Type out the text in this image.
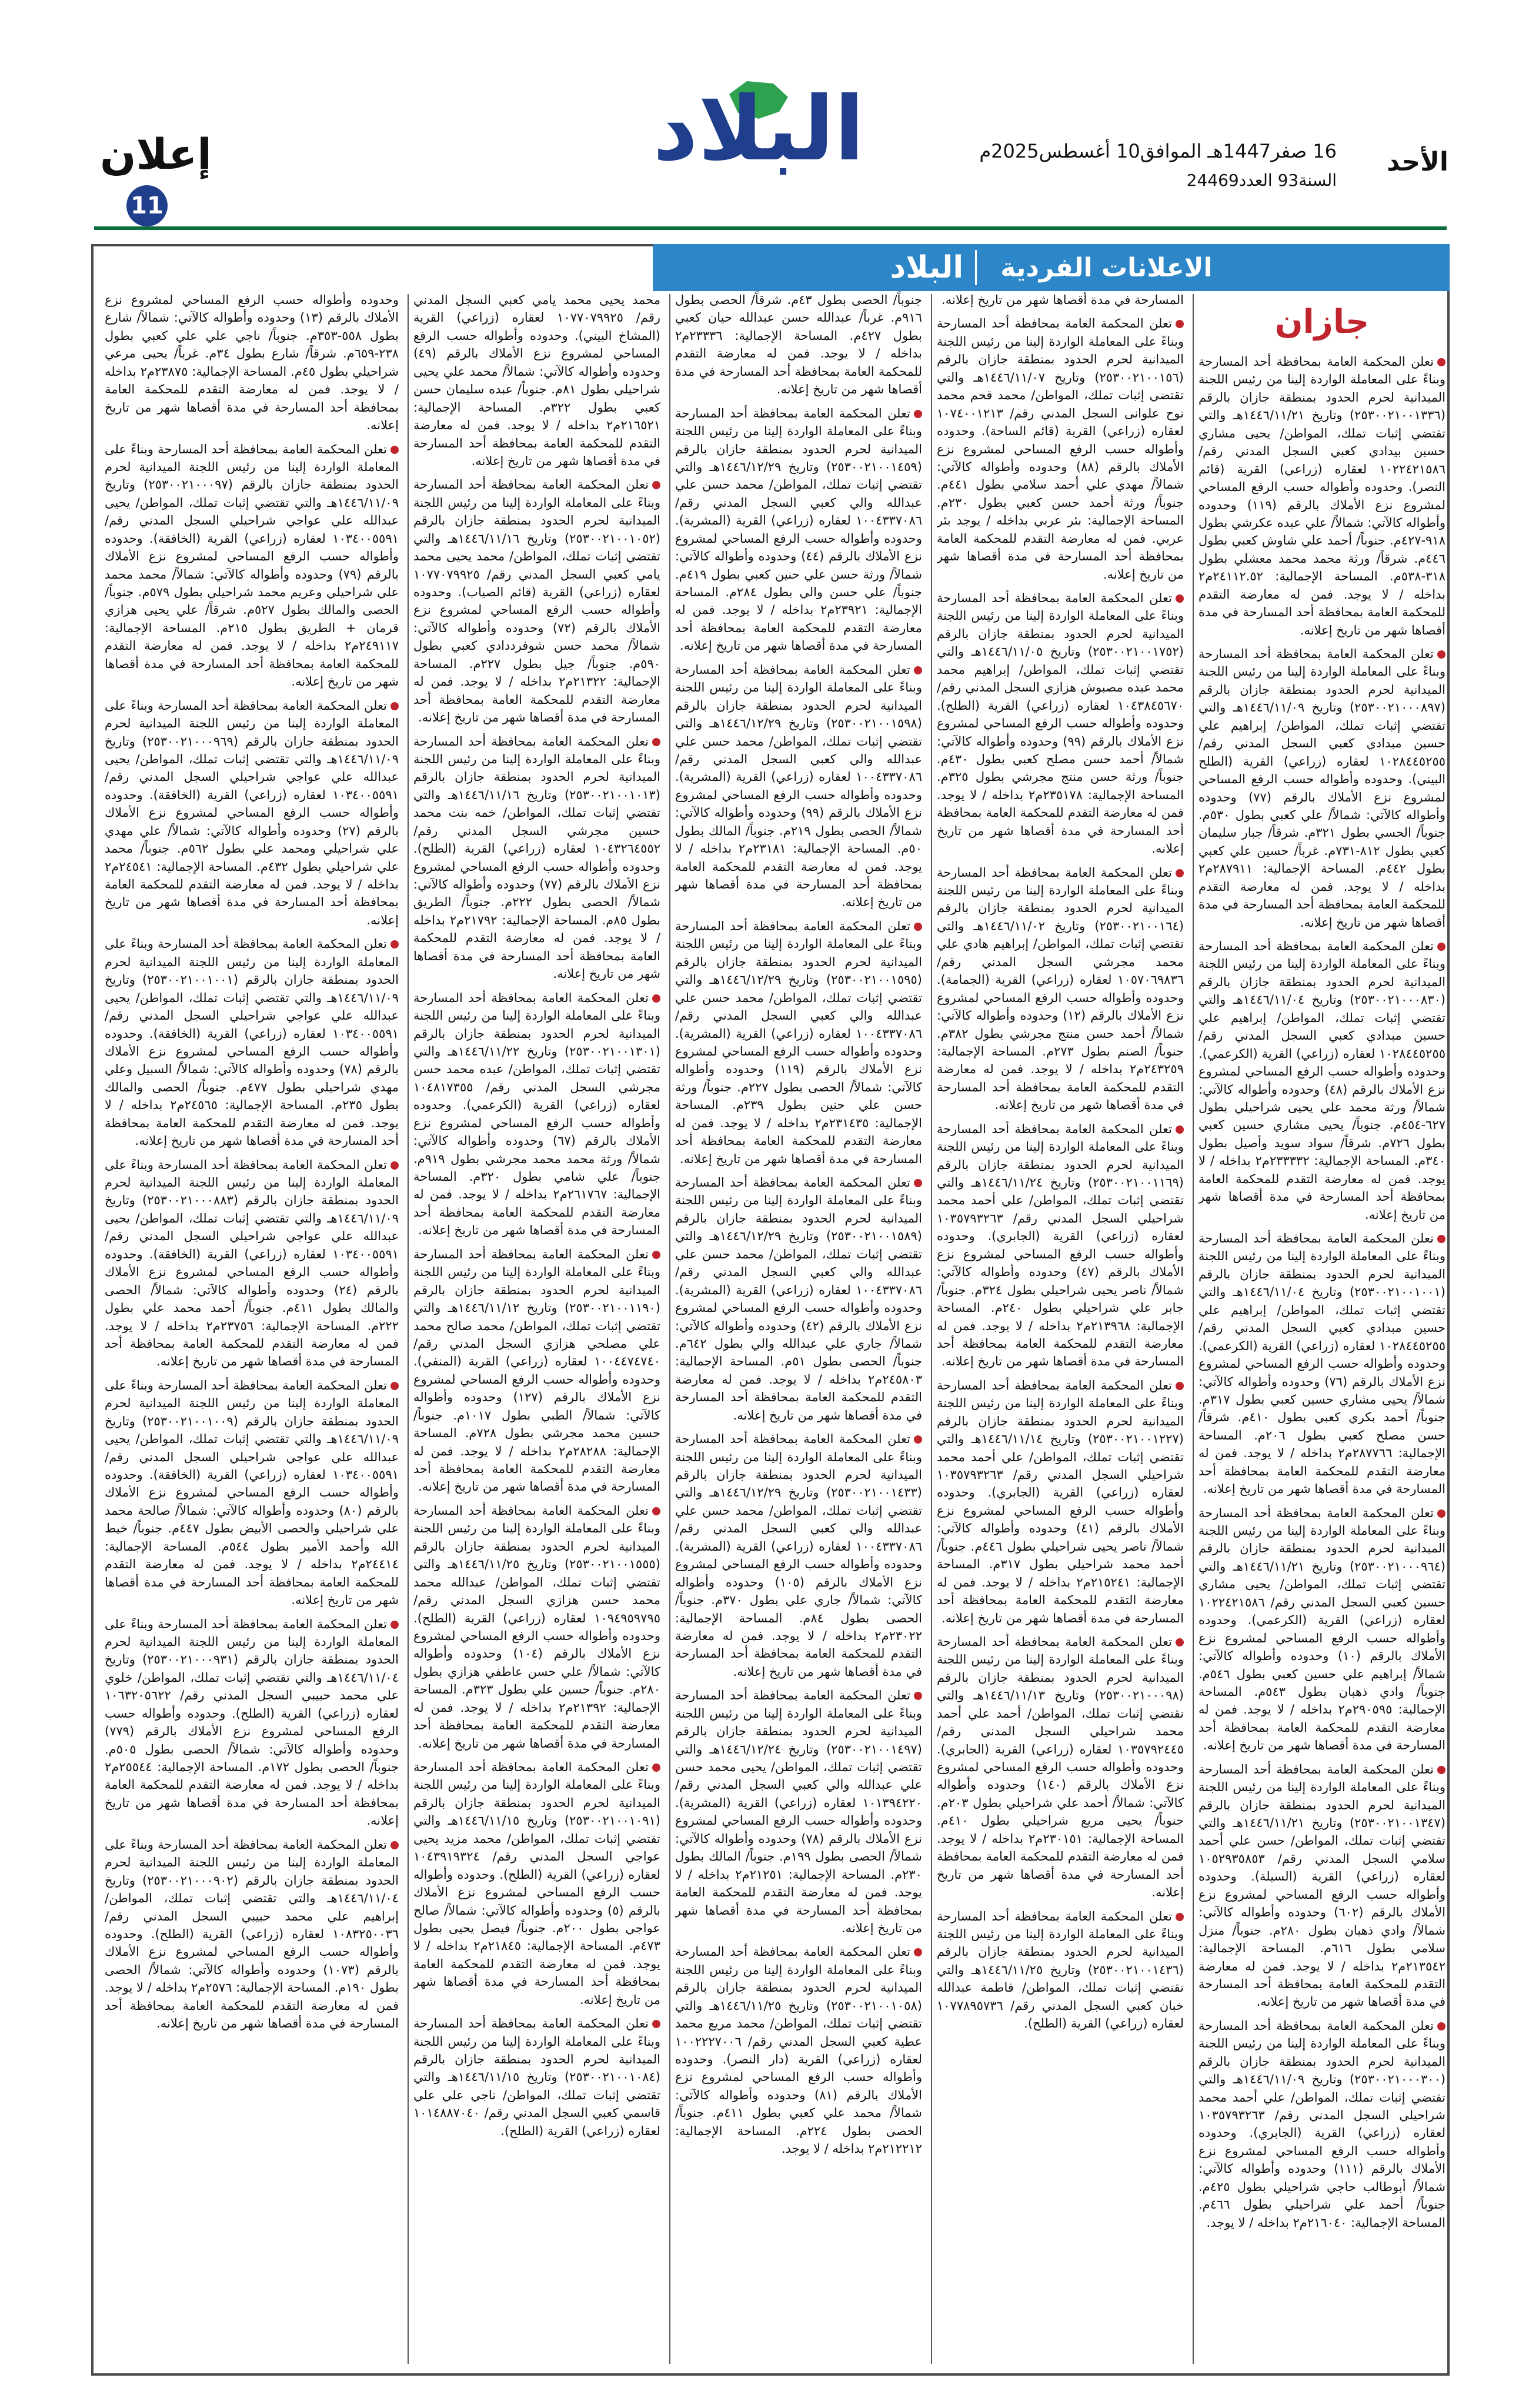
الأحد
16 صفر1447هـ الموافق10 أغسطس2025م
السنة93 العدد24469
البلاد
إعلان
11
الاعلانات الفردية
البلاد
جازان

تعلن المحكمة العامة بمحافظة أحد المسارحة وبناءً على المعاملة الواردة إلينا من رئيس اللجنة الميدانية لحرم الحدود بمنطقة جازان بالرقم (٢٥٣٠٠٢١٠٠١٣٣٦) وتاريخ ١٤٤٦/١١/٢١هـ والتي تقتضي إثبات تملك، المواطن/ يحيى مشاري حسين بيدادي كعبي السجل المدني رقم/ ١٠٢٢٤٢١٥٨٦ لعقاره (زراعي) القرية (قائم النصر). وحدوده وأطواله حسب الرفع المساحي لمشروع نزع الأملاك بالرقم (١١٩) وحدوده وأطواله كالآتي: شمالاً/ علي عبده عكرشي بطول ٩١٨-٤٢٧م. جنوباً/ أحمد علي شاوش كعبي بطول ٤٤٦م. شرقاً/ ورثة محمد محمد معشلي بطول ٣١٨-٥٣٨م. المساحة الإجمالية: ٢٤١١٢.٥٢م٢ بداخله / لا يوجد. فمن له معارضة التقدم للمحكمة العامة بمحافظة أحد المسارحة في مدة أقصاها شهر من تاريخ إعلانه.

تعلن المحكمة العامة بمحافظة أحد المسارحة وبناءً على المعاملة الواردة إلينا من رئيس اللجنة الميدانية لحرم الحدود بمنطقة جازان بالرقم (٢٥٣٠٠٢١٠٠٠٨٩٧) وتاريخ ١٤٤٦/١١/٠٩هـ والتي تقتضي إثبات تملك، المواطن/ إبراهيم علي حسين مبدادي كعبي السجل المدني رقم/ ١٠٢٨٤٤٥٢٥٥ لعقاره (زراعي) القرية (الطلح البيني). وحدوده وأطواله حسب الرفع المساحي لمشروع نزع الأملاك بالرقم (٧٧) وحدوده وأطواله كالآتي: شمالاً/ علي كعبي بطول ٥٣٠م. جنوباً/ الحسي بطول ٣٢١م. شرقاً/ جبار سليمان كعبي بطول ٨١٢-٧٣١م. غرباً/ حسين علي كعبي بطول ٤٤٢م. المساحة الإجمالية: ٢٨٧٩١١م٢ بداخله / لا يوجد. فمن له معارضة التقدم للمحكمة العامة بمحافظة أحد المسارحة في مدة أقصاها شهر من تاريخ إعلانه.

تعلن المحكمة العامة بمحافظة أحد المسارحة وبناءً على المعاملة الواردة إلينا من رئيس اللجنة الميدانية لحرم الحدود بمنطقة جازان بالرقم (٢٥٣٠٠٢١٠٠٠٨٣٠) وتاريخ ١٤٤٦/١١/٠٤هـ والتي تقتضي إثبات تملك، المواطن/ إبراهيم علي حسين مبدادي كعبي السجل المدني رقم/ ١٠٢٨٤٤٥٢٥٥ لعقاره (زراعي) القرية (الكرعمي). وحدوده وأطواله حسب الرفع المساحي لمشروع نزع الأملاك بالرقم (٤٨) وحدوده وأطواله كالآتي: شمالاً/ ورثة محمد علي يحيى شراحيلي بطول ٦٢٧-٤٥٤م. جنوباً/ يحيى مشاري حسين كعبي بطول ٧٢٦م. شرقاً/ سواد سويد وأصيل بطول ٣٤٠م. المساحة الإجمالية: ٢٣٣٣٣٢م٢ بداخله / لا يوجد. فمن له معارضة التقدم للمحكمة العامة بمحافظة أحد المسارحة في مدة أقصاها شهر من تاريخ إعلانه.

تعلن المحكمة العامة بمحافظة أحد المسارحة وبناءً على المعاملة الواردة إلينا من رئيس اللجنة الميدانية لحرم الحدود بمنطقة جازان بالرقم (٢٥٣٠٠٢١٠٠١٠٠١) وتاريخ ١٤٤٦/١١/٠٤هـ والتي تقتضي إثبات تملك، المواطن/ إبراهيم علي حسين مبدادي كعبي السجل المدني رقم/ ١٠٢٨٤٤٥٢٥٥ لعقاره (زراعي) القرية (الكرعمي). وحدوده وأطواله حسب الرفع المساحي لمشروع نزع الأملاك بالرقم (٧٦) وحدوده وأطواله كالآتي: شمالاً/ يحيى مشاري حسين كعبي بطول ٣١٧م. جنوباً/ أحمد بكري كعبي بطول ٤١٠م. شرقاً/ حسن مصلح كعبي بطول ٢٠٦م. المساحة الإجمالية: ٢٨٧٧٦٦م٢ بداخله / لا يوجد. فمن له معارضة التقدم للمحكمة العامة بمحافظة أحد المسارحة في مدة أقصاها شهر من تاريخ إعلانه.

تعلن المحكمة العامة بمحافظة أحد المسارحة وبناءً على المعاملة الواردة إلينا من رئيس اللجنة الميدانية لحرم الحدود بمنطقة جازان بالرقم (٢٥٣٠٠٢١٠٠٠٩٦٤) وتاريخ ١٤٤٦/١١/٢١هـ والتي تقتضي إثبات تملك، المواطن/ يحيى مشاري حسين كعبي السجل المدني رقم/ ١٠٢٢٤٢١٥٨٦ لعقاره (زراعي) القرية (الكرعمي). وحدوده وأطواله حسب الرفع المساحي لمشروع نزع الأملاك بالرقم (١٠) وحدوده وأطواله كالآتي: شمالاً/ إبراهيم علي حسين كعبي بطول ٥٤٦م. جنوباً/ وادي ذهبان بطول ٥٤٣م. المساحة الإجمالية: ٢٩٠٥٩٥م٢ بداخله / لا يوجد. فمن له معارضة التقدم للمحكمة العامة بمحافظة أحد المسارحة في مدة أقصاها شهر من تاريخ إعلانه.

تعلن المحكمة العامة بمحافظة أحد المسارحة وبناءً على المعاملة الواردة إلينا من رئيس اللجنة الميدانية لحرم الحدود بمنطقة جازان بالرقم (٢٥٣٠٠٢١٠٠١٣٤٧) وتاريخ ١٤٤٦/١١/٢١هـ والتي تقتضي إثبات تملك، المواطن/ حسن علي أحمد سلامي السجل المدني رقم/ ١٠٥٢٩٣٥٨٥٣ لعقاره (زراعي) القرية (السيلة). وحدوده وأطواله حسب الرفع المساحي لمشروع نزع الأملاك بالرقم (٦٠٢) وحدوده وأطواله كالآتي: شمالاً/ وادي ذهبان بطول ٢٨٠م. جنوباً/ منزل سلامي بطول ٦١٦م. المساحة الإجمالية: ٢١٣٥٤٢م٢ بداخله / لا يوجد. فمن له معارضة التقدم للمحكمة العامة بمحافظة أحد المسارحة في مدة أقصاها شهر من تاريخ إعلانه.

تعلن المحكمة العامة بمحافظة أحد المسارحة وبناءً على المعاملة الواردة إلينا من رئيس اللجنة الميدانية لحرم الحدود بمنطقة جازان بالرقم (٢٥٣٠٠٢١٠٠٠٣٠٠) وتاريخ ١٤٤٦/١١/٠٩هـ والتي تقتضي إثبات تملك، المواطن/ علي أحمد محمد شراحيلي السجل المدني رقم/ ١٠٣٥٧٩٣٢٦٣ لعقاره (زراعي) القرية (الجابري). وحدوده وأطواله حسب الرفع المساحي لمشروع نزع الأملاك بالرقم (١١١) وحدوده وأطواله كالآتي: شمالاً/ أبوطالب حاجي شراحيلي بطول ٤٢٥م. جنوباً/ أحمد علي شراحيلي بطول ٤٦٦م. المساحة الإجمالية: ٢١٦٠٤٠م٢ بداخله / لا يوجد.

المسارحة في مدة أقصاها شهر من تاريخ إعلانه.

تعلن المحكمة العامة بمحافظة أحد المسارحة وبناءً على المعاملة الواردة إلينا من رئيس اللجنة الميدانية لحرم الحدود بمنطقة جازان بالرقم (٢٥٣٠٠٢١٠٠١٥٦) وتاريخ ١٤٤٦/١١/٠٧هـ والتي تقتضي إثبات تملك، المواطن/ محمد قحم محمد نوح علوانى السجل المدني رقم/ ١٠٧٤٠٠١٢١٣ لعقاره (زراعي) القرية (قائم الساحة). وحدوده وأطواله حسب الرفع المساحي لمشروع نزع الأملاك بالرقم (٨٨) وحدوده وأطواله كالآتي: شمالاً/ مهدي علي أحمد سلامي بطول ٤٤١م. جنوباً/ ورثة أحمد حسن كعبي بطول ٢٣٠م. المساحة الإجمالية: بئر عربي بداخله / يوجد بئر عربي. فمن له معارضة التقدم للمحكمة العامة بمحافظة أحد المسارحة في مدة أقصاها شهر من تاريخ إعلانه.

تعلن المحكمة العامة بمحافظة أحد المسارحة وبناءً على المعاملة الواردة إلينا من رئيس اللجنة الميدانية لحرم الحدود بمنطقة جازان بالرقم (٢٥٣٠٠٢١٠٠١٧٥٢) وتاريخ ١٤٤٦/١١/٠٥هـ والتي تقتضي إثبات تملك، المواطن/ إبراهيم محمد محمد عبده مصبوش هزازي السجل المدني رقم/ ١٠٤٣٨٤٥٦٧٠ لعقاره (زراعي) القرية (الطلح). وحدوده وأطواله حسب الرفع المساحي لمشروع نزع الأملاك بالرقم (٩٩) وحدوده وأطواله كالآتي: شمالاً/ أحمد حسن مصلح كعبي بطول ٤٣٠م. جنوباً/ ورثة حسن منتج مجرشي بطول ٣٢٥م. المساحة الإجمالية: ٢٣٥١٧٨م٢ بداخله / لا يوجد. فمن له معارضة التقدم للمحكمة العامة بمحافظة أحد المسارحة في مدة أقصاها شهر من تاريخ إعلانه.

تعلن المحكمة العامة بمحافظة أحد المسارحة وبناءً على المعاملة الواردة إلينا من رئيس اللجنة الميدانية لحرم الحدود بمنطقة جازان بالرقم (٢٥٣٠٠٢١٠٠١٦٤) وتاريخ ١٤٤٦/١١/٠٢هـ والتي تقتضي إثبات تملك، المواطن/ إبراهيم هادي علي محمد مجرشي السجل المدني رقم/ ١٠٥٧٠٦٩٨٣٦ لعقاره (زراعي) القرية (الجمامة). وحدوده وأطواله حسب الرفع المساحي لمشروع نزع الأملاك بالرقم (١٢) وحدوده وأطواله كالآتي: شمالاً/ أحمد حسن منتج مجرشي بطول ٣٨٢م. جنوباً/ الصنم بطول ٢٧٣م. المساحة الإجمالية: ٢٤٣٢٥٩م٢ بداخله / لا يوجد. فمن له معارضة التقدم للمحكمة العامة بمحافظة أحد المسارحة في مدة أقصاها شهر من تاريخ إعلانه.

تعلن المحكمة العامة بمحافظة أحد المسارحة وبناءً على المعاملة الواردة إلينا من رئيس اللجنة الميدانية لحرم الحدود بمنطقة جازان بالرقم (٢٥٣٠٠٢١٠٠١١٦٩) وتاريخ ١٤٤٦/١١/٢٤هـ والتي تقتضي إثبات تملك، المواطن/ علي أحمد محمد شراحيلي السجل المدني رقم/ ١٠٣٥٧٩٣٢٦٣ لعقاره (زراعي) القرية (الجابري). وحدوده وأطواله حسب الرفع المساحي لمشروع نزع الأملاك بالرقم (٤٧) وحدوده وأطواله كالآتي: شمالاً/ ناصر يحيى شراحيلي بطول ٣٢٤م. جنوباً/ جابر علي شراحيلي بطول ٢٤٠م. المساحة الإجمالية: ٢١٣٩٦٨م٢ بداخله / لا يوجد. فمن له معارضة التقدم للمحكمة العامة بمحافظة أحد المسارحة في مدة أقصاها شهر من تاريخ إعلانه.

تعلن المحكمة العامة بمحافظة أحد المسارحة وبناءً على المعاملة الواردة إلينا من رئيس اللجنة الميدانية لحرم الحدود بمنطقة جازان بالرقم (٢٥٣٠٠٢١٠٠١٢٢٧) وتاريخ ١٤٤٦/١١/١٤هـ والتي تقتضي إثبات تملك، المواطن/ علي أحمد محمد شراحيلي السجل المدني رقم/ ١٠٣٥٧٩٣٢٦٣ لعقاره (زراعي) القرية (الجابري). وحدوده وأطواله حسب الرفع المساحي لمشروع نزع الأملاك بالرقم (٤١) وحدوده وأطواله كالآتي: شمالاً/ ناصر يحيى شراحيلي بطول ٤٤٦م. جنوباً/ أحمد محمد شراحيلي بطول ٣١٧م. المساحة الإجمالية: ٢١٥٢٤١م٢ بداخله / لا يوجد. فمن له معارضة التقدم للمحكمة العامة بمحافظة أحد المسارحة في مدة أقصاها شهر من تاريخ إعلانه.

تعلن المحكمة العامة بمحافظة أحد المسارحة وبناءً على المعاملة الواردة إلينا من رئيس اللجنة الميدانية لحرم الحدود بمنطقة جازان بالرقم (٢٥٣٠٠٢١٠٠٠٩٨) وتاريخ ١٤٤٦/١١/١٣هـ والتي تقتضي إثبات تملك، المواطن/ أحمد علي أحمد محمد شراحيلي السجل المدني رقم/ ١٠٣٥٧٩٢٤٤٥ لعقاره (زراعي) القرية (الجابري). وحدوده وأطواله حسب الرفع المساحي لمشروع نزع الأملاك بالرقم (١٤٠) وحدوده وأطواله كالآتي: شمالاً/ أحمد علي شراحيلي بطول ٢٠٣م. جنوباً/ يحيى مريع شراحيلي بطول ٤١٠م. المساحة الإجمالية: ٢٣٠١٥١م٢ بداخله / لا يوجد. فمن له معارضة التقدم للمحكمة العامة بمحافظة أحد المسارحة في مدة أقصاها شهر من تاريخ إعلانه.

تعلن المحكمة العامة بمحافظة أحد المسارحة وبناءً على المعاملة الواردة إلينا من رئيس اللجنة الميدانية لحرم الحدود بمنطقة جازان بالرقم (٢٥٣٠٠٢١٠٠١٤٣٦) وتاريخ ١٤٤٦/١١/٢٥هـ والتي تقتضي إثبات تملك، المواطن/ فاطمة عبدالله خبان كعبي السجل المدني رقم/ ١٠٧٧٨٩٥٧٣٦ لعقاره (زراعي) القرية (الطلح).

جنوباً/ الحصى بطول ٤٣م. شرقاً/ الحصى بطول ٩١٦م. غرباً/ عبدالله حسن عبدالله حيان كعبي بطول ٤٢٧م. المساحة الإجمالية: ٢٣٣٣٦م٢ بداخله / لا يوجد. فمن له معارضة التقدم للمحكمة العامة بمحافظة أحد المسارحة في مدة أقصاها شهر من تاريخ إعلانه.

تعلن المحكمة العامة بمحافظة أحد المسارحة وبناءً على المعاملة الواردة إلينا من رئيس اللجنة الميدانية لحرم الحدود بمنطقة جازان بالرقم (٢٥٣٠٠٢١٠٠١٤٥٩) وتاريخ ١٤٤٦/١٢/٢٩هـ والتي تقتضي إثبات تملك، المواطن/ محمد حسن علي عبدالله والي كعبي السجل المدني رقم/ ١٠٠٤٣٣٧٠٨٦ لعقاره (زراعي) القرية (المشرية). وحدوده وأطواله حسب الرفع المساحي لمشروع نزع الأملاك بالرقم (٤٤) وحدوده وأطواله كالآتي: شمالاً/ ورثة حسن علي حنين كعبي بطول ٤١٩م. جنوباً/ علي حسن والي بطول ٢٨٤م. المساحة الإجمالية: ٢٣٩٢١م٢ بداخله / لا يوجد. فمن له معارضة التقدم للمحكمة العامة بمحافظة أحد المسارحة في مدة أقصاها شهر من تاريخ إعلانه.

تعلن المحكمة العامة بمحافظة أحد المسارحة وبناءً على المعاملة الواردة إلينا من رئيس اللجنة الميدانية لحرم الحدود بمنطقة جازان بالرقم (٢٥٣٠٠٢١٠٠١٥٩٨) وتاريخ ١٤٤٦/١٢/٢٩هـ والتي تقتضي إثبات تملك، المواطن/ محمد حسن علي عبدالله والي كعبي السجل المدني رقم/ ١٠٠٤٣٣٧٠٨٦ لعقاره (زراعي) القرية (المشرية). وحدوده وأطواله حسب الرفع المساحي لمشروع نزع الأملاك بالرقم (٩٩) وحدوده وأطواله كالآتي: شمالاً/ الحصى بطول ٢١٩م. جنوباً/ المالك بطول ٥٠م. المساحة الإجمالية: ٢٣١٨١م٢ بداخله / لا يوجد. فمن له معارضة التقدم للمحكمة العامة بمحافظة أحد المسارحة في مدة أقصاها شهر من تاريخ إعلانه.

تعلن المحكمة العامة بمحافظة أحد المسارحة وبناءً على المعاملة الواردة إلينا من رئيس اللجنة الميدانية لحرم الحدود بمنطقة جازان بالرقم (٢٥٣٠٠٢١٠٠١٥٩٥) وتاريخ ١٤٤٦/١٢/٢٩هـ والتي تقتضي إثبات تملك، المواطن/ محمد حسن علي عبدالله والي كعبي السجل المدني رقم/ ١٠٠٤٣٣٧٠٨٦ لعقاره (زراعي) القرية (المشرية). وحدوده وأطواله حسب الرفع المساحي لمشروع نزع الأملاك بالرقم (١١٩) وحدوده وأطواله كالآتي: شمالاً/ الحصى بطول ٢٢٧م. جنوباً/ ورثة حسن علي حنين بطول ٢٣٩م. المساحة الإجمالية: ٢٣١٤٣٥م٢ بداخله / لا يوجد. فمن له معارضة التقدم للمحكمة العامة بمحافظة أحد المسارحة في مدة أقصاها شهر من تاريخ إعلانه.

تعلن المحكمة العامة بمحافظة أحد المسارحة وبناءً على المعاملة الواردة إلينا من رئيس اللجنة الميدانية لحرم الحدود بمنطقة جازان بالرقم (٢٥٣٠٠٢١٠٠١٥٨٩) وتاريخ ١٤٤٦/١٢/٢٩هـ والتي تقتضي إثبات تملك، المواطن/ محمد حسن علي عبدالله والي كعبي السجل المدني رقم/ ١٠٠٤٣٣٧٠٨٦ لعقاره (زراعي) القرية (المشرية). وحدوده وأطواله حسب الرفع المساحي لمشروع نزع الأملاك بالرقم (٤٢) وحدوده وأطواله كالآتي: شمالاً/ جاري علي عبدالله والي بطول ٦٤٢م. جنوباً/ الحصى بطول ٥١م. المساحة الإجمالية: ٢٤٥٨٠٣م٢ بداخله / لا يوجد. فمن له معارضة التقدم للمحكمة العامة بمحافظة أحد المسارحة في مدة أقصاها شهر من تاريخ إعلانه.

تعلن المحكمة العامة بمحافظة أحد المسارحة وبناءً على المعاملة الواردة إلينا من رئيس اللجنة الميدانية لحرم الحدود بمنطقة جازان بالرقم (٢٥٣٠٠٢١٠٠١٤٣٣) وتاريخ ١٤٤٦/١٢/٢٩هـ والتي تقتضي إثبات تملك، المواطن/ محمد حسن علي عبدالله والي كعبي السجل المدني رقم/ ١٠٠٤٣٣٧٠٨٦ لعقاره (زراعي) القرية (المشرية). وحدوده وأطواله حسب الرفع المساحي لمشروع نزع الأملاك بالرقم (١٠٥) وحدوده وأطواله كالآتي: شمالاً/ جاري علي بطول ٣٧٠م. جنوباً/ الحصى بطول ٨٤م. المساحة الإجمالية: ٢٣٠٢٢م٢ بداخله / لا يوجد. فمن له معارضة التقدم للمحكمة العامة بمحافظة أحد المسارحة في مدة أقصاها شهر من تاريخ إعلانه.

تعلن المحكمة العامة بمحافظة أحد المسارحة وبناءً على المعاملة الواردة إلينا من رئيس اللجنة الميدانية لحرم الحدود بمنطقة جازان بالرقم (٢٥٣٠٠٢١٠٠١٤٩٧) وتاريخ ١٤٤٦/١٢/٢٤هـ والتي تقتضي إثبات تملك، المواطن/ يحيى محمد حسن علي عبدالله والي كعبي السجل المدني رقم/ ١٠١٣٩٤٢٢٠ لعقاره (زراعي) القرية (المشرية). وحدوده وأطواله حسب الرفع المساحي لمشروع نزع الأملاك بالرقم (٧٨) وحدوده وأطواله كالآتي: شمالاً/ الحصى بطول ١٩٩م. جنوباً/ المالك بطول ٢٣٠م. المساحة الإجمالية: ٢١٢٥١م٢ بداخله / لا يوجد. فمن له معارضة التقدم للمحكمة العامة بمحافظة أحد المسارحة في مدة أقصاها شهر من تاريخ إعلانه.

تعلن المحكمة العامة بمحافظة أحد المسارحة وبناءً على المعاملة الواردة إلينا من رئيس اللجنة الميدانية لحرم الحدود بمنطقة جازان بالرقم (٢٥٣٠٠٢١٠٠١٠٥٨) وتاريخ ١٤٤٦/١١/٢٥هـ والتي تقتضي إثبات تملك، المواطن/ محمد مريع محمد عطية كعبي السجل المدني رقم/ ١٠٠٢٢٢٧٠٠٦ لعقاره (زراعي) القرية (دار النصر). وحدوده وأطواله حسب الرفع المساحي لمشروع نزع الأملاك بالرقم (٨١) وحدوده وأطواله كالآتي: شمالاً/ محمد علي كعبي بطول ٤١١م. جنوباً/ الحصى بطول ٢٢٤م. المساحة الإجمالية: ٢١٢٢١٢م٢ بداخله / لا يوجد.

محمد يحيى محمد يامي كعبي السجل المدني رقم/ ١٠٧٧٠٧٩٩٢٥ لعقاره (زراعي) القرية (المشاخ البيني). وحدوده وأطواله حسب الرفع المساحي لمشروع نزع الأملاك بالرقم (٤٩) وحدوده وأطواله كالآتي: شمالاً/ محمد علي يحيى شراحيلي بطول ٨١م. جنوباً/ عبده سليمان حسن كعبي بطول ٣٢٢م. المساحة الإجمالية: ٢١٦٥٢١م٢ بداخله / لا يوجد. فمن له معارضة التقدم للمحكمة العامة بمحافظة أحد المسارحة في مدة أقصاها شهر من تاريخ إعلانه.

تعلن المحكمة العامة بمحافظة أحد المسارحة وبناءً على المعاملة الواردة إلينا من رئيس اللجنة الميدانية لحرم الحدود بمنطقة جازان بالرقم (٢٥٣٠٠٢١٠٠١٠٥٢) وتاريخ ١٤٤٦/١١/١٦هـ والتي تقتضي إثبات تملك، المواطن/ محمد يحيى محمد يامي كعبي السجل المدني رقم/ ١٠٧٧٠٧٩٩٢٥ لعقاره (زراعي) القرية (قائم الصياب). وحدوده وأطواله حسب الرفع المساحي لمشروع نزع الأملاك بالرقم (٧٢) وحدوده وأطواله كالآتي: شمالاً/ محمد حسن شوفرددادي كعبي بطول ٥٩٠م. جنوباً/ جيل بطول ٢٢٧م. المساحة الإجمالية: ٢١٣٢٢م٢ بداخله / لا يوجد. فمن له معارضة التقدم للمحكمة العامة بمحافظة أحد المسارحة في مدة أقصاها شهر من تاريخ إعلانه.

تعلن المحكمة العامة بمحافظة أحد المسارحة وبناءً على المعاملة الواردة إلينا من رئيس اللجنة الميدانية لحرم الحدود بمنطقة جازان بالرقم (٢٥٣٠٠٢١٠٠١٠١٣) وتاريخ ١٤٤٦/١١/١٦هـ والتي تقتضي إثبات تملك، المواطن/ خمه بنت محمد حسين مجرشي السجل المدني رقم/ ١٠٤٣٢٦٤٥٥٢ لعقاره (زراعي) القرية (الطلح). وحدوده وأطواله حسب الرفع المساحي لمشروع نزع الأملاك بالرقم (٧٧) وحدوده وأطواله كالآتي: شمالاً/ الحصى بطول ٢٢٢م. جنوباً/ الطريق بطول ٨٥م. المساحة الإجمالية: ٢١٧٩٢م٢ بداخله / لا يوجد. فمن له معارضة التقدم للمحكمة العامة بمحافظة أحد المسارحة في مدة أقصاها شهر من تاريخ إعلانه.

تعلن المحكمة العامة بمحافظة أحد المسارحة وبناءً على المعاملة الواردة إلينا من رئيس اللجنة الميدانية لحرم الحدود بمنطقة جازان بالرقم (٢٥٣٠٠٢١٠٠١٣٠١) وتاريخ ١٤٤٦/١١/٢٢هـ والتي تقتضي إثبات تملك، المواطن/ عبده محمد حسن مجرشي السجل المدني رقم/ ١٠٤٨١٧٣٥٥ لعقاره (زراعي) القرية (الكرعمي). وحدوده وأطواله حسب الرفع المساحي لمشروع نزع الأملاك بالرقم (٦٧) وحدوده وأطواله كالآتي: شمالاً/ ورثة محمد محمد مجرشي بطول ٩١٩م. جنوباً/ علي شامي بطول ٣٢٠م. المساحة الإجمالية: ٢٦١٧٦٧م٢ بداخله / لا يوجد. فمن له معارضة التقدم للمحكمة العامة بمحافظة أحد المسارحة في مدة أقصاها شهر من تاريخ إعلانه.

تعلن المحكمة العامة بمحافظة أحد المسارحة وبناءً على المعاملة الواردة إلينا من رئيس اللجنة الميدانية لحرم الحدود بمنطقة جازان بالرقم (٢٥٣٠٠٢١٠٠١١٩٠) وتاريخ ١٤٤٦/١١/١٢هـ والتي تقتضي إثبات تملك، المواطن/ محمد صالح محمد علي مصلحي هزازي السجل المدني رقم/ ١٠٠٤٤٧٤٧٤٠ لعقاره (زراعي) القرية (المنفي). وحدوده وأطواله حسب الرفع المساحي لمشروع نزع الأملاك بالرقم (١٢٧) وحدوده وأطواله كالآتي: شمالاً/ الطبي بطول ١٠١٧م. جنوباً/ حسين محمد مجرشي بطول ٧٢٨م. المساحة الإجمالية: ٢٨٢٨٨م٢ بداخله / لا يوجد. فمن له معارضة التقدم للمحكمة العامة بمحافظة أحد المسارحة في مدة أقصاها شهر من تاريخ إعلانه.

تعلن المحكمة العامة بمحافظة أحد المسارحة وبناءً على المعاملة الواردة إلينا من رئيس اللجنة الميدانية لحرم الحدود بمنطقة جازان بالرقم (٢٥٣٠٠٢١٠٠١٥٥٥) وتاريخ ١٤٤٦/١١/٢٥هـ والتي تقتضي إثبات تملك، المواطن/ عبدالله محمد محمد حسن هزازي السجل المدني رقم/ ١٠٩٤٩٥٩٧٩٥ لعقاره (زراعي) القرية (الطلح). وحدوده وأطواله حسب الرفع المساحي لمشروع نزع الأملاك بالرقم (١٠٤) وحدوده وأطواله كالآتي: شمالاً/ علي حسن عاطفي هزازي بطول ٢٨٠م. جنوباً/ حسين علي بطول ٣٢٣م. المساحة الإجمالية: ٢١٣٩٢م٢ بداخله / لا يوجد. فمن له معارضة التقدم للمحكمة العامة بمحافظة أحد المسارحة في مدة أقصاها شهر من تاريخ إعلانه.

تعلن المحكمة العامة بمحافظة أحد المسارحة وبناءً على المعاملة الواردة إلينا من رئيس اللجنة الميدانية لحرم الحدود بمنطقة جازان بالرقم (٢٥٣٠٠٢١٠٠١٠٩١) وتاريخ ١٤٤٦/١١/١٥هـ والتي تقتضي إثبات تملك، المواطن/ محمد مزيد يحيى عواجي السجل المدني رقم/ ١٠٤٣٩١٩٣٢٤ لعقاره (زراعي) القرية (الطلح). وحدوده وأطواله حسب الرفع المساحي لمشروع نزع الأملاك بالرقم (٥) وحدوده وأطواله كالآتي: شمالاً/ صالح عواجي بطول ٢٠٠م. جنوباً/ فيصل يحيى بطول ٤٧٣م. المساحة الإجمالية: ٢١٨٤٥م٢ بداخله / لا يوجد. فمن له معارضة التقدم للمحكمة العامة بمحافظة أحد المسارحة في مدة أقصاها شهر من تاريخ إعلانه.

تعلن المحكمة العامة بمحافظة أحد المسارحة وبناءً على المعاملة الواردة إلينا من رئيس اللجنة الميدانية لحرم الحدود بمنطقة جازان بالرقم (٢٥٣٠٠٢١٠٠١٠٨٤) وتاريخ ١٤٤٦/١١/١٥هـ والتي تقتضي إثبات تملك، المواطن/ ناجي علي علي قاسمي كعبي السجل المدني رقم/ ١٠١٤٨٨٧٠٤٠ لعقاره (زراعي) القرية (الطلح).

وحدوده وأطواله حسب الرفع المساحي لمشروع نزع الأملاك بالرقم (١٣) وحدوده وأطواله كالآتي: شمالاً/ شارع بطول ٥٥٨-٣٥٣م. جنوباً/ ناجي علي علي كعبي بطول ٢٣٨-٦٥٩م. شرقاً/ شارع بطول ٣٤م. غرباً/ يحيى مرعي شراحيلي بطول ٤٥م. المساحة الإجمالية: ٢٣٨٧٥م٢ بداخله / لا يوجد. فمن له معارضة التقدم للمحكمة العامة بمحافظة أحد المسارحة في مدة أقصاها شهر من تاريخ إعلانه.

تعلن المحكمة العامة بمحافظة أحد المسارحة وبناءً على المعاملة الواردة إلينا من رئيس اللجنة الميدانية لحرم الحدود بمنطقة جازان بالرقم (٢٥٣٠٠٢١٠٠٠٩٧) وتاريخ ١٤٤٦/١١/٠٩هـ والتي تقتضي إثبات تملك، المواطن/ يحيى عبدالله علي عواجي شراحيلي السجل المدني رقم/ ١٠٣٤٠٠٥٥٩١ لعقاره (زراعي) القرية (الخافقة). وحدوده وأطواله حسب الرفع المساحي لمشروع نزع الأملاك بالرقم (٧٩) وحدوده وأطواله كالآتي: شمالاً/ محمد محمد علي شراحيلي وعريم محمد شراحيلي بطول ٥٧٩م. جنوباً/ الحصى والمالك بطول ٥٢٧م. شرقاً/ علي يحيى هزازي قرمان + الطريق بطول ٢١٥م. المساحة الإجمالية: ٢٤٩١١٧م٢ بداخله / لا يوجد. فمن له معارضة التقدم للمحكمة العامة بمحافظة أحد المسارحة في مدة أقصاها شهر من تاريخ إعلانه.

تعلن المحكمة العامة بمحافظة أحد المسارحة وبناءً على المعاملة الواردة إلينا من رئيس اللجنة الميدانية لحرم الحدود بمنطقة جازان بالرقم (٢٥٣٠٠٢١٠٠٠٩٦٩) وتاريخ ١٤٤٦/١١/٠٩هـ والتي تقتضي إثبات تملك، المواطن/ يحيى عبدالله علي عواجي شراحيلي السجل المدني رقم/ ١٠٣٤٠٠٥٥٩١ لعقاره (زراعي) القرية (الخافقة). وحدوده وأطواله حسب الرفع المساحي لمشروع نزع الأملاك بالرقم (٢٧) وحدوده وأطواله كالآتي: شمالاً/ علي مهدي علي شراحيلي ومحمد علي بطول ٥٦٢م. جنوباً/ محمد علي شراحيلي بطول ٤٣٢م. المساحة الإجمالية: ٢٤٥٤١م٢ بداخله / لا يوجد. فمن له معارضة التقدم للمحكمة العامة بمحافظة أحد المسارحة في مدة أقصاها شهر من تاريخ إعلانه.

تعلن المحكمة العامة بمحافظة أحد المسارحة وبناءً على المعاملة الواردة إلينا من رئيس اللجنة الميدانية لحرم الحدود بمنطقة جازان بالرقم (٢٥٣٠٠٢١٠٠١٠٠١) وتاريخ ١٤٤٦/١١/٠٩هـ والتي تقتضي إثبات تملك، المواطن/ يحيى عبدالله علي عواجي شراحيلي السجل المدني رقم/ ١٠٣٤٠٠٥٥٩١ لعقاره (زراعي) القرية (الخافقة). وحدوده وأطواله حسب الرفع المساحي لمشروع نزع الأملاك بالرقم (٧٨) وحدوده وأطواله كالآتي: شمالاً/ السبيل وعلي مهدي شراحيلي بطول ٤٧٧م. جنوباً/ الحصى والمالك بطول ٢٣٥م. المساحة الإجمالية: ٢٤٥٦٥م٢ بداخله / لا يوجد. فمن له معارضة التقدم للمحكمة العامة بمحافظة أحد المسارحة في مدة أقصاها شهر من تاريخ إعلانه.

تعلن المحكمة العامة بمحافظة أحد المسارحة وبناءً على المعاملة الواردة إلينا من رئيس اللجنة الميدانية لحرم الحدود بمنطقة جازان بالرقم (٢٥٣٠٠٢١٠٠٠٨٨٣) وتاريخ ١٤٤٦/١١/٠٩هـ والتي تقتضي إثبات تملك، المواطن/ يحيى عبدالله علي عواجي شراحيلي السجل المدني رقم/ ١٠٣٤٠٠٥٥٩١ لعقاره (زراعي) القرية (الخافقة). وحدوده وأطواله حسب الرفع المساحي لمشروع نزع الأملاك بالرقم (٢٤) وحدوده وأطواله كالآتي: شمالاً/ الحصى والمالك بطول ٤١١م. جنوباً/ أحمد محمد علي بطول ٢٢٢م. المساحة الإجمالية: ٢٣٧٥٦م٢ بداخله / لا يوجد. فمن له معارضة التقدم للمحكمة العامة بمحافظة أحد المسارحة في مدة أقصاها شهر من تاريخ إعلانه.

تعلن المحكمة العامة بمحافظة أحد المسارحة وبناءً على المعاملة الواردة إلينا من رئيس اللجنة الميدانية لحرم الحدود بمنطقة جازان بالرقم (٢٥٣٠٠٢١٠٠١٠٠٩) وتاريخ ١٤٤٦/١١/٠٩هـ والتي تقتضي إثبات تملك، المواطن/ يحيى عبدالله علي عواجي شراحيلي السجل المدني رقم/ ١٠٣٤٠٠٥٥٩١ لعقاره (زراعي) القرية (الخافقة). وحدوده وأطواله حسب الرفع المساحي لمشروع نزع الأملاك بالرقم (٨٠) وحدوده وأطواله كالآتي: شمالاً/ صالحة محمد علي شراحيلي والحصى الأبيض بطول ٤٤٧م. جنوباً/ خيط الله وأحمد الأمير بطول ٥٤٤م. المساحة الإجمالية: ٢٤٤١٤م٢ بداخله / لا يوجد. فمن له معارضة التقدم للمحكمة العامة بمحافظة أحد المسارحة في مدة أقصاها شهر من تاريخ إعلانه.

تعلن المحكمة العامة بمحافظة أحد المسارحة وبناءً على المعاملة الواردة إلينا من رئيس اللجنة الميدانية لحرم الحدود بمنطقة جازان بالرقم (٢٥٣٠٠٢١٠٠٠٩٣١) وتاريخ ١٤٤٦/١١/٠٤هـ والتي تقتضي إثبات تملك، المواطن/ خلوي علي محمد حبيبي السجل المدني رقم/ ١٠٦٣٢٠٥٦٢٢ لعقاره (زراعي) القرية (الطلح). وحدوده وأطواله حسب الرفع المساحي لمشروع نزع الأملاك بالرقم (٧٧٩) وحدوده وأطواله كالآتي: شمالاً/ الحصى بطول ٥٠٥م. جنوباً/ الحصى بطول ١٧٢م. المساحة الإجمالية: ٢٥٥٤٤م٢ بداخله / لا يوجد. فمن له معارضة التقدم للمحكمة العامة بمحافظة أحد المسارحة في مدة أقصاها شهر من تاريخ إعلانه.

تعلن المحكمة العامة بمحافظة أحد المسارحة وبناءً على المعاملة الواردة إلينا من رئيس اللجنة الميدانية لحرم الحدود بمنطقة جازان بالرقم (٢٥٣٠٠٢١٠٠٠٩٠٢) وتاريخ ١٤٤٦/١١/٠٤هـ والتي تقتضي إثبات تملك، المواطن/ إبراهيم علي محمد حبيبي السجل المدني رقم/ ١٠٨٣٢٥٠٠٣٦ لعقاره (زراعي) القرية (الطلح). وحدوده وأطواله حسب الرفع المساحي لمشروع نزع الأملاك بالرقم (١٠٧٣) وحدوده وأطواله كالآتي: شمالاً/ الحصى بطول ١٩٠م. المساحة الإجمالية: ٢٥٧٦م٢ بداخله / لا يوجد. فمن له معارضة التقدم للمحكمة العامة بمحافظة أحد المسارحة في مدة أقصاها شهر من تاريخ إعلانه.
